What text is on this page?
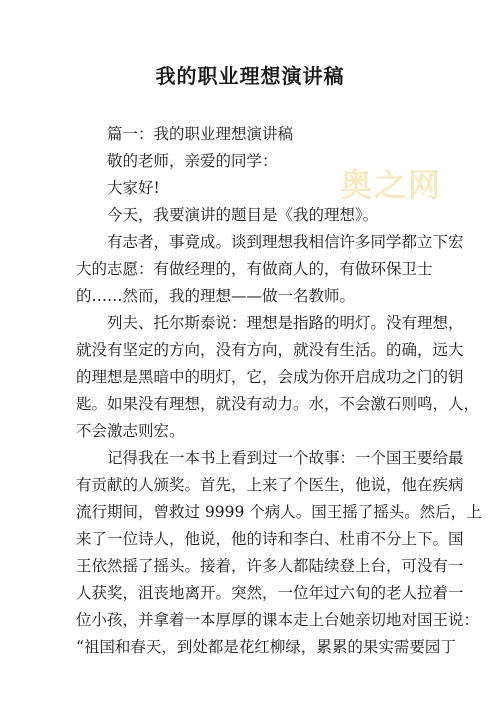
我的职业理想演讲稿
奥之网
篇一：我的职业理想演讲稿
敬的老师，亲爱的同学：
大家好!
今天，我要演讲的题目是《我的理想》。
有志者，事竟成。谈到理想我相信许多同学都立下宏
大的志愿：有做经理的，有做商人的，有做环保卫士
的……然而，我的理想——做一名教师。
列夫、托尔斯泰说：理想是指路的明灯。没有理想，
就没有坚定的方向，没有方向，就没有生活。的确，远大
的理想是黑暗中的明灯，它，会成为你开启成功之门的钥
匙。如果没有理想，就没有动力。水，不会激石则鸣，人，
不会激志则宏。
记得我在一本书上看到过一个故事：一个国王要给最
有贡献的人颁奖。首先，上来了个医生，他说，他在疾病
流行期间，曾救过 9999 个病人。国王摇了摇头。然后，上
来了一位诗人，他说，他的诗和李白、杜甫不分上下。国
王依然摇了摇头。接着，许多人都陆续登上台，可没有一
人获奖，沮丧地离开。突然，一位年过六旬的老人拉着一
位小孩，并拿着一本厚厚的课本走上台她亲切地对国王说：
“祖国和春天，到处都是花红柳绿，累累的果实需要园丁
